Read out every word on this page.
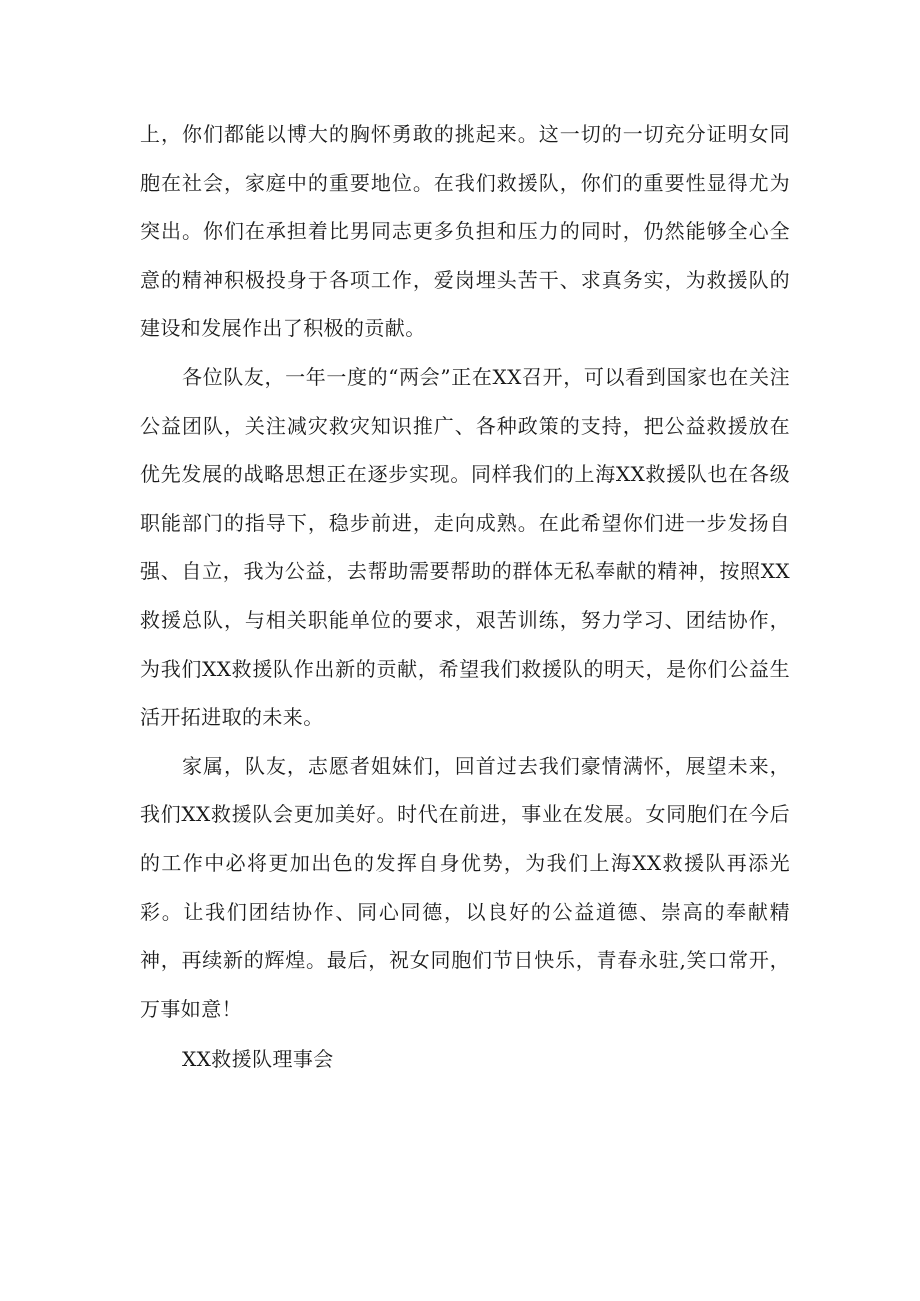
上，你们都能以博大的胸怀勇敢的挑起来。这一切的一切充分证明女同胞在社会，家庭中的重要地位。在我们救援队，你们的重要性显得尤为突出。你们在承担着比男同志更多负担和压力的同时，仍然能够全心全意的精神积极投身于各项工作，爱岗埋头苦干、求真务实，为救援队的建设和发展作出了积极的贡献。

各位队友，一年一度的“两会”正在XX召开，可以看到国家也在关注公益团队，关注减灾救灾知识推广、各种政策的支持，把公益救援放在优先发展的战略思想正在逐步实现。同样我们的上海XX救援队也在各级职能部门的指导下，稳步前进，走向成熟。在此希望你们进一步发扬自强、自立，我为公益，去帮助需要帮助的群体无私奉献的精神，按照XX救援总队，与相关职能单位的要求，艰苦训练，努力学习、团结协作，为我们XX救援队作出新的贡献，希望我们救援队的明天，是你们公益生活开拓进取的未来。

家属，队友，志愿者姐妹们，回首过去我们豪情满怀，展望未来，我们XX救援队会更加美好。时代在前进，事业在发展。女同胞们在今后的工作中必将更加出色的发挥自身优势，为我们上海XX救援队再添光彩。让我们团结协作、同心同德，以良好的公益道德、崇高的奉献精神，再续新的辉煌。最后，祝女同胞们节日快乐，青春永驻,笑口常开，万事如意！

XX救援队理事会
